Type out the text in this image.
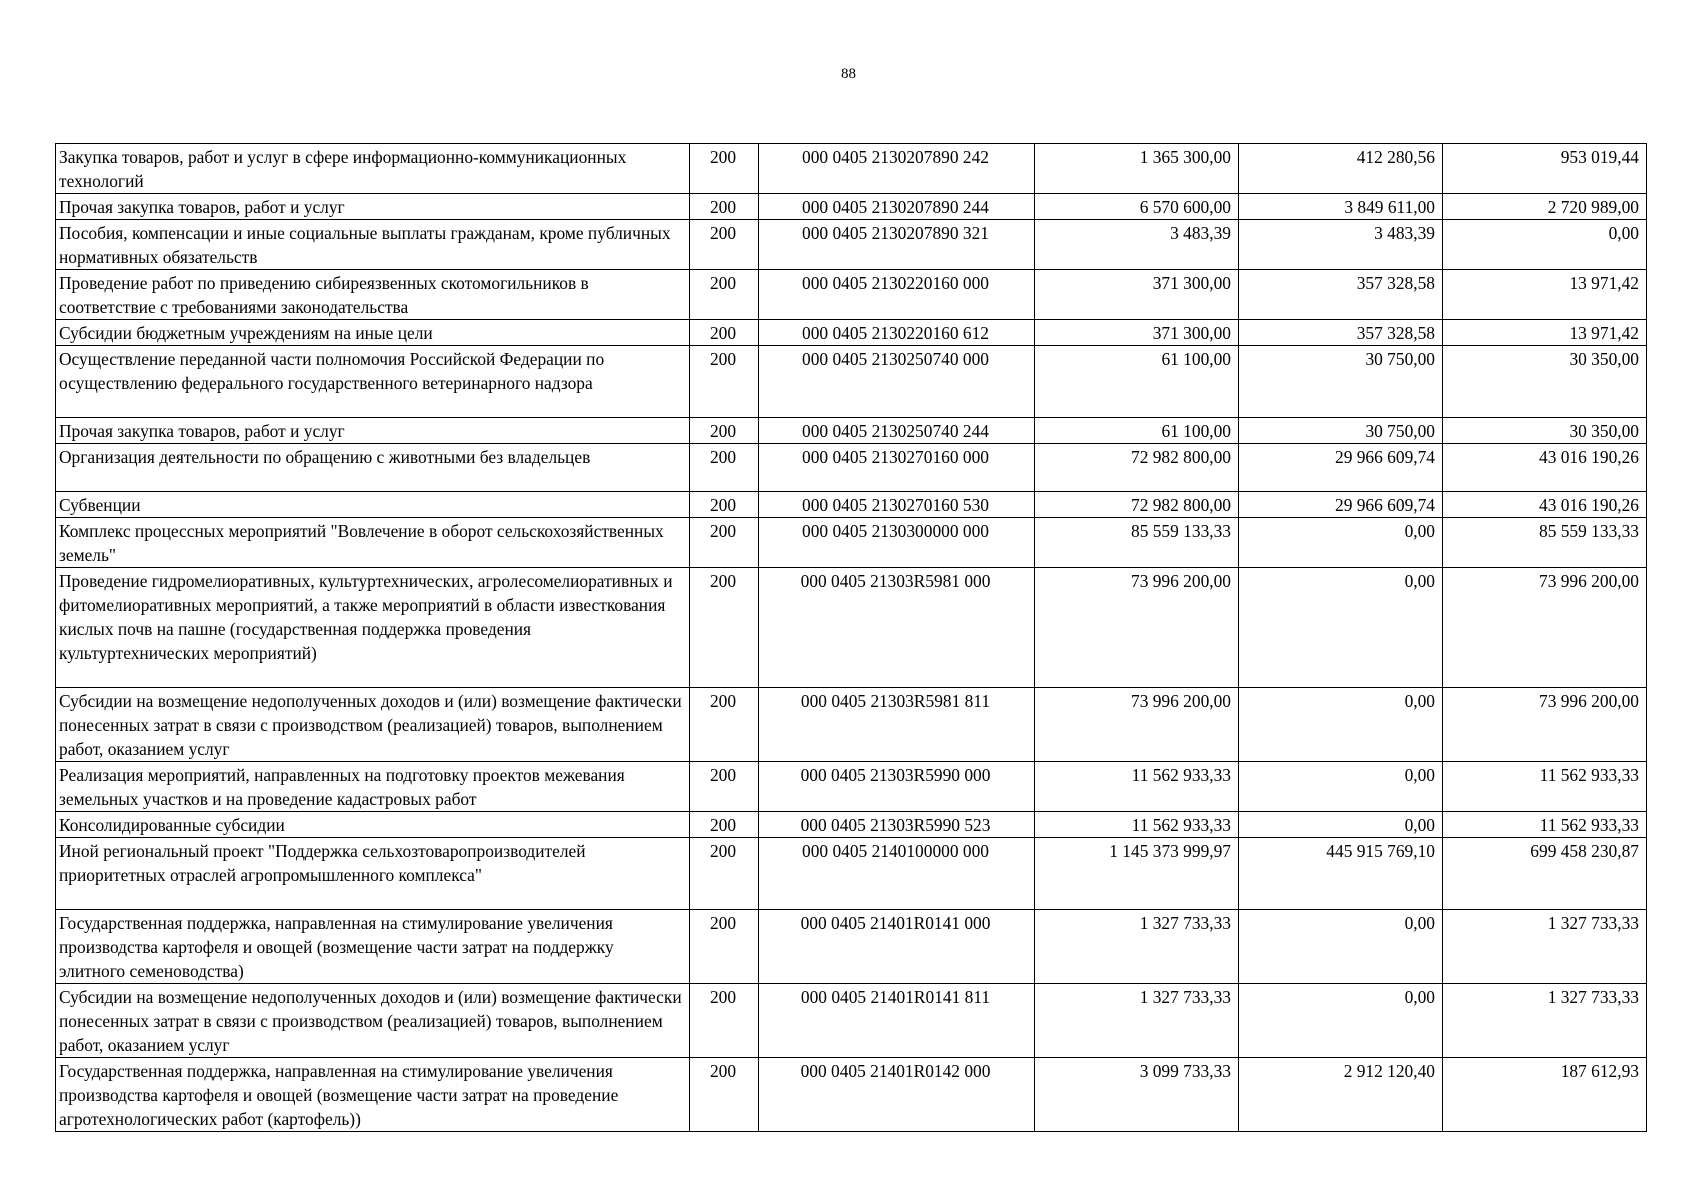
88
Закупка товаров, работ и услуг в сфере информационно-коммуникационных технологий	200	000 0405 2130207890 242	1 365 300,00	412 280,56	953 019,44
Прочая закупка товаров, работ и услуг	200	000 0405 2130207890 244	6 570 600,00	3 849 611,00	2 720 989,00
Пособия, компенсации и иные социальные выплаты гражданам, кроме публичных нормативных обязательств	200	000 0405 2130207890 321	3 483,39	3 483,39	0,00
Проведение работ по приведению сибиреязвенных скотомогильников в соответствие с требованиями законодательства	200	000 0405 2130220160 000	371 300,00	357 328,58	13 971,42
Субсидии бюджетным учреждениям на иные цели	200	000 0405 2130220160 612	371 300,00	357 328,58	13 971,42
Осуществление переданной части полномочия Российской Федерации по осуществлению федерального государственного ветеринарного надзора	200	000 0405 2130250740 000	61 100,00	30 750,00	30 350,00
Прочая закупка товаров, работ и услуг	200	000 0405 2130250740 244	61 100,00	30 750,00	30 350,00
Организация деятельности по обращению с животными без владельцев	200	000 0405 2130270160 000	72 982 800,00	29 966 609,74	43 016 190,26
Субвенции	200	000 0405 2130270160 530	72 982 800,00	29 966 609,74	43 016 190,26
Комплекс процессных мероприятий "Вовлечение в оборот сельскохозяйственных земель"	200	000 0405 2130300000 000	85 559 133,33	0,00	85 559 133,33
Проведение гидромелиоративных, культуртехнических, агролесомелиоративных и фитомелиоративных мероприятий, а также мероприятий в области известкования кислых почв на пашне (государственная поддержка проведения культуртехнических мероприятий)	200	000 0405 21303R5981 000	73 996 200,00	0,00	73 996 200,00
Субсидии на возмещение недополученных доходов и (или) возмещение фактически понесенных затрат в связи с производством (реализацией) товаров, выполнением работ, оказанием услуг	200	000 0405 21303R5981 811	73 996 200,00	0,00	73 996 200,00
Реализация мероприятий, направленных на подготовку проектов межевания земельных участков и на проведение кадастровых работ	200	000 0405 21303R5990 000	11 562 933,33	0,00	11 562 933,33
Консолидированные субсидии	200	000 0405 21303R5990 523	11 562 933,33	0,00	11 562 933,33
Иной региональный проект "Поддержка сельхозтоваропроизводителей приоритетных отраслей агропромышленного комплекса"	200	000 0405 2140100000 000	1 145 373 999,97	445 915 769,10	699 458 230,87
Государственная поддержка, направленная на стимулирование увеличения производства картофеля и овощей (возмещение части затрат на поддержку элитного семеноводства)	200	000 0405 21401R0141 000	1 327 733,33	0,00	1 327 733,33
Субсидии на возмещение недополученных доходов и (или) возмещение фактически понесенных затрат в связи с производством (реализацией) товаров, выполнением работ, оказанием услуг	200	000 0405 21401R0141 811	1 327 733,33	0,00	1 327 733,33
Государственная поддержка, направленная на стимулирование увеличения производства картофеля и овощей (возмещение части затрат на проведение агротехнологических работ (картофель))	200	000 0405 21401R0142 000	3 099 733,33	2 912 120,40	187 612,93
